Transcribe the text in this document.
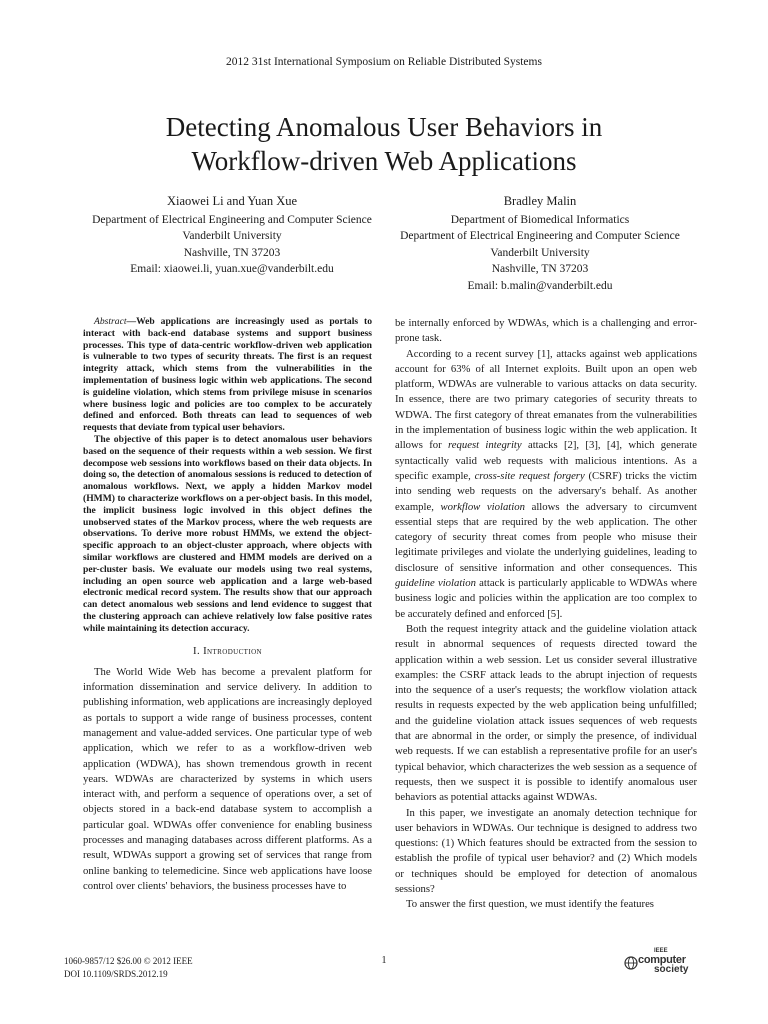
2012 31st International Symposium on Reliable Distributed Systems
Detecting Anomalous User Behaviors in
Workflow-driven Web Applications
Xiaowei Li and Yuan Xue
Department of Electrical Engineering and Computer Science
Vanderbilt University
Nashville, TN 37203
Email: xiaowei.li, yuan.xue@vanderbilt.edu
Bradley Malin
Department of Biomedical Informatics
Department of Electrical Engineering and Computer Science
Vanderbilt University
Nashville, TN 37203
Email: b.malin@vanderbilt.edu

Abstract—Web applications are increasingly used as portals to interact with back-end database systems and support business processes. This type of data-centric workflow-driven web application is vulnerable to two types of security threats. The first is an request integrity attack, which stems from the vulnerabilities in the implementation of business logic within web applications. The second is guideline violation, which stems from privilege misuse in scenarios where business logic and policies are too complex to be accurately defined and enforced. Both threats can lead to sequences of web requests that deviate from typical user behaviors.

The objective of this paper is to detect anomalous user behaviors based on the sequence of their requests within a web session. We first decompose web sessions into workflows based on their data objects. In doing so, the detection of anomalous sessions is reduced to detection of anomalous workflows. Next, we apply a hidden Markov model (HMM) to characterize workflows on a per-object basis. In this model, the implicit business logic involved in this object defines the unobserved states of the Markov process, where the web requests are observations. To derive more robust HMMs, we extend the object-specific approach to an object-cluster approach, where objects with similar workflows are clustered and HMM models are derived on a per-cluster basis. We evaluate our models using two real systems, including an open source web application and a large web-based electronic medical record system. The results show that our approach can detect anomalous web sessions and lend evidence to suggest that the clustering approach can achieve relatively low false positive rates while maintaining its detection accuracy.

I. Introduction

The World Wide Web has become a prevalent platform for information dissemination and service delivery. In addition to publishing information, web applications are increasingly deployed as portals to support a wide range of business processes, content management and value-added services. One particular type of web application, which we refer to as a workflow-driven web application (WDWA), has shown tremendous growth in recent years. WDWAs are characterized by systems in which users interact with, and perform a sequence of operations over, a set of objects stored in a back-end database system to accomplish a particular goal. WDWAs offer convenience for enabling business processes and managing databases across different platforms. As a result, WDWAs support a growing set of services that range from online banking to telemedicine. Since web applications have loose control over clients' behaviors, the business processes have to

be internally enforced by WDWAs, which is a challenging and error-prone task.

According to a recent survey [1], attacks against web applications account for 63% of all Internet exploits. Built upon an open web platform, WDWAs are vulnerable to various attacks on data security. In essence, there are two primary categories of security threats to WDWA. The first category of threat emanates from the vulnerabilities in the implementation of business logic within the web application. It allows for request integrity attacks [2], [3], [4], which generate syntactically valid web requests with malicious intentions. As a specific example, cross-site request forgery (CSRF) tricks the victim into sending web requests on the adversary's behalf. As another example, workflow violation allows the adversary to circumvent essential steps that are required by the web application. The other category of security threat comes from people who misuse their legitimate privileges and violate the underlying guidelines, leading to disclosure of sensitive information and other consequences. This guideline violation attack is particularly applicable to WDWAs where business logic and policies within the application are too complex to be accurately defined and enforced [5].

Both the request integrity attack and the guideline violation attack result in abnormal sequences of requests directed toward the application within a web session. Let us consider several illustrative examples: the CSRF attack leads to the abrupt injection of requests into the sequence of a user's requests; the workflow violation attack results in requests expected by the web application being unfulfilled; and the guideline violation attack issues sequences of web requests that are abnormal in the order, or simply the presence, of individual web requests. If we can establish a representative profile for an user's typical behavior, which characterizes the web session as a sequence of requests, then we suspect it is possible to identify anomalous user behaviors as potential attacks against WDWAs.

In this paper, we investigate an anomaly detection technique for user behaviors in WDWAs. Our technique is designed to address two questions: (1) Which features should be extracted from the session to establish the profile of typical user behavior? and (2) Which models or techniques should be employed for detection of anomalous sessions?

To answer the first question, we must identify the features

1060-9857/12 $26.00 © 2012 IEEE
DOI 10.1109/SRDS.2012.19
1
IEEE
computer
society
